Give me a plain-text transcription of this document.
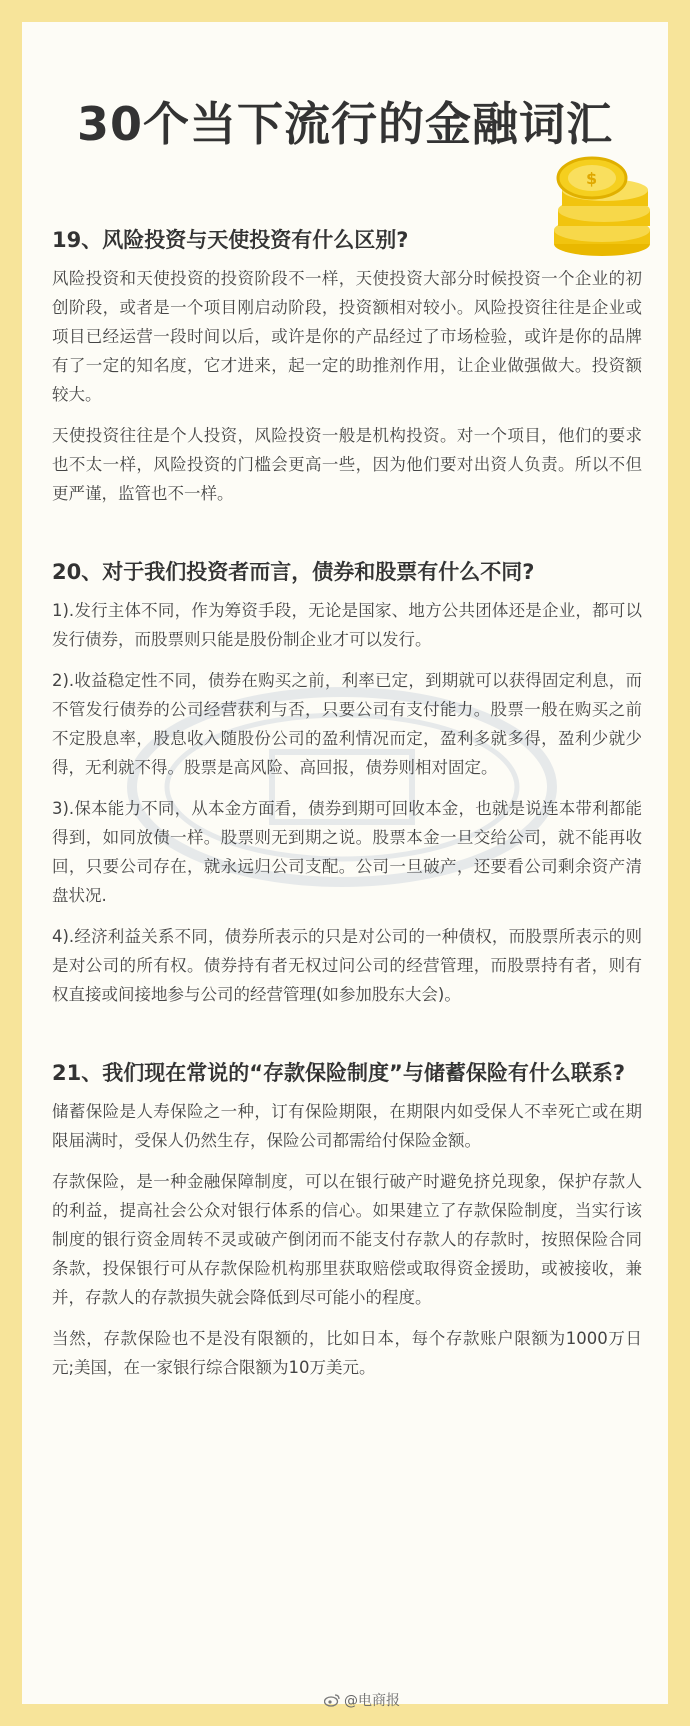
30个当下流行的金融词汇
$
19、风险投资与天使投资有什么区别?
风险投资和天使投资的投资阶段不一样，天使投资大部分时候投资一个企业的初创阶段，或者是一个项目刚启动阶段，投资额相对较小。风险投资往往是企业或项目已经运营一段时间以后，或许是你的产品经过了市场检验，或许是你的品牌有了一定的知名度，它才进来，起一定的助推剂作用，让企业做强做大。投资额较大。
天使投资往往是个人投资，风险投资一般是机构投资。对一个项目，他们的要求也不太一样，风险投资的门槛会更高一些，因为他们要对出资人负责。所以不但更严谨，监管也不一样。
20、对于我们投资者而言，债券和股票有什么不同?
1).发行主体不同，作为筹资手段，无论是国家、地方公共团体还是企业，都可以发行债券，而股票则只能是股份制企业才可以发行。
2).收益稳定性不同，债券在购买之前，利率已定，到期就可以获得固定利息，而不管发行债券的公司经营获利与否，只要公司有支付能力。股票一般在购买之前不定股息率，股息收入随股份公司的盈利情况而定，盈利多就多得，盈利少就少得，无利就不得。股票是高风险、高回报，债券则相对固定。
3).保本能力不同，从本金方面看，债券到期可回收本金，也就是说连本带利都能得到，如同放债一样。股票则无到期之说。股票本金一旦交给公司，就不能再收回，只要公司存在，就永远归公司支配。公司一旦破产，还要看公司剩余资产清盘状况.
4).经济利益关系不同，债券所表示的只是对公司的一种债权，而股票所表示的则是对公司的所有权。债券持有者无权过问公司的经营管理，而股票持有者，则有权直接或间接地参与公司的经营管理(如参加股东大会)。
21、我们现在常说的“存款保险制度”与储蓄保险有什么联系?
储蓄保险是人寿保险之一种，订有保险期限，在期限内如受保人不幸死亡或在期限届满时，受保人仍然生存，保险公司都需给付保险金额。
存款保险，是一种金融保障制度，可以在银行破产时避免挤兑现象，保护存款人的利益，提高社会公众对银行体系的信心。如果建立了存款保险制度，当实行该制度的银行资金周转不灵或破产倒闭而不能支付存款人的存款时，按照保险合同条款，投保银行可从存款保险机构那里获取赔偿或取得资金援助，或被接收，兼并，存款人的存款损失就会降低到尽可能小的程度。
当然，存款保险也不是没有限额的，比如日本，每个存款账户限额为1000万日元;美国，在一家银行综合限额为10万美元。
@电商报
